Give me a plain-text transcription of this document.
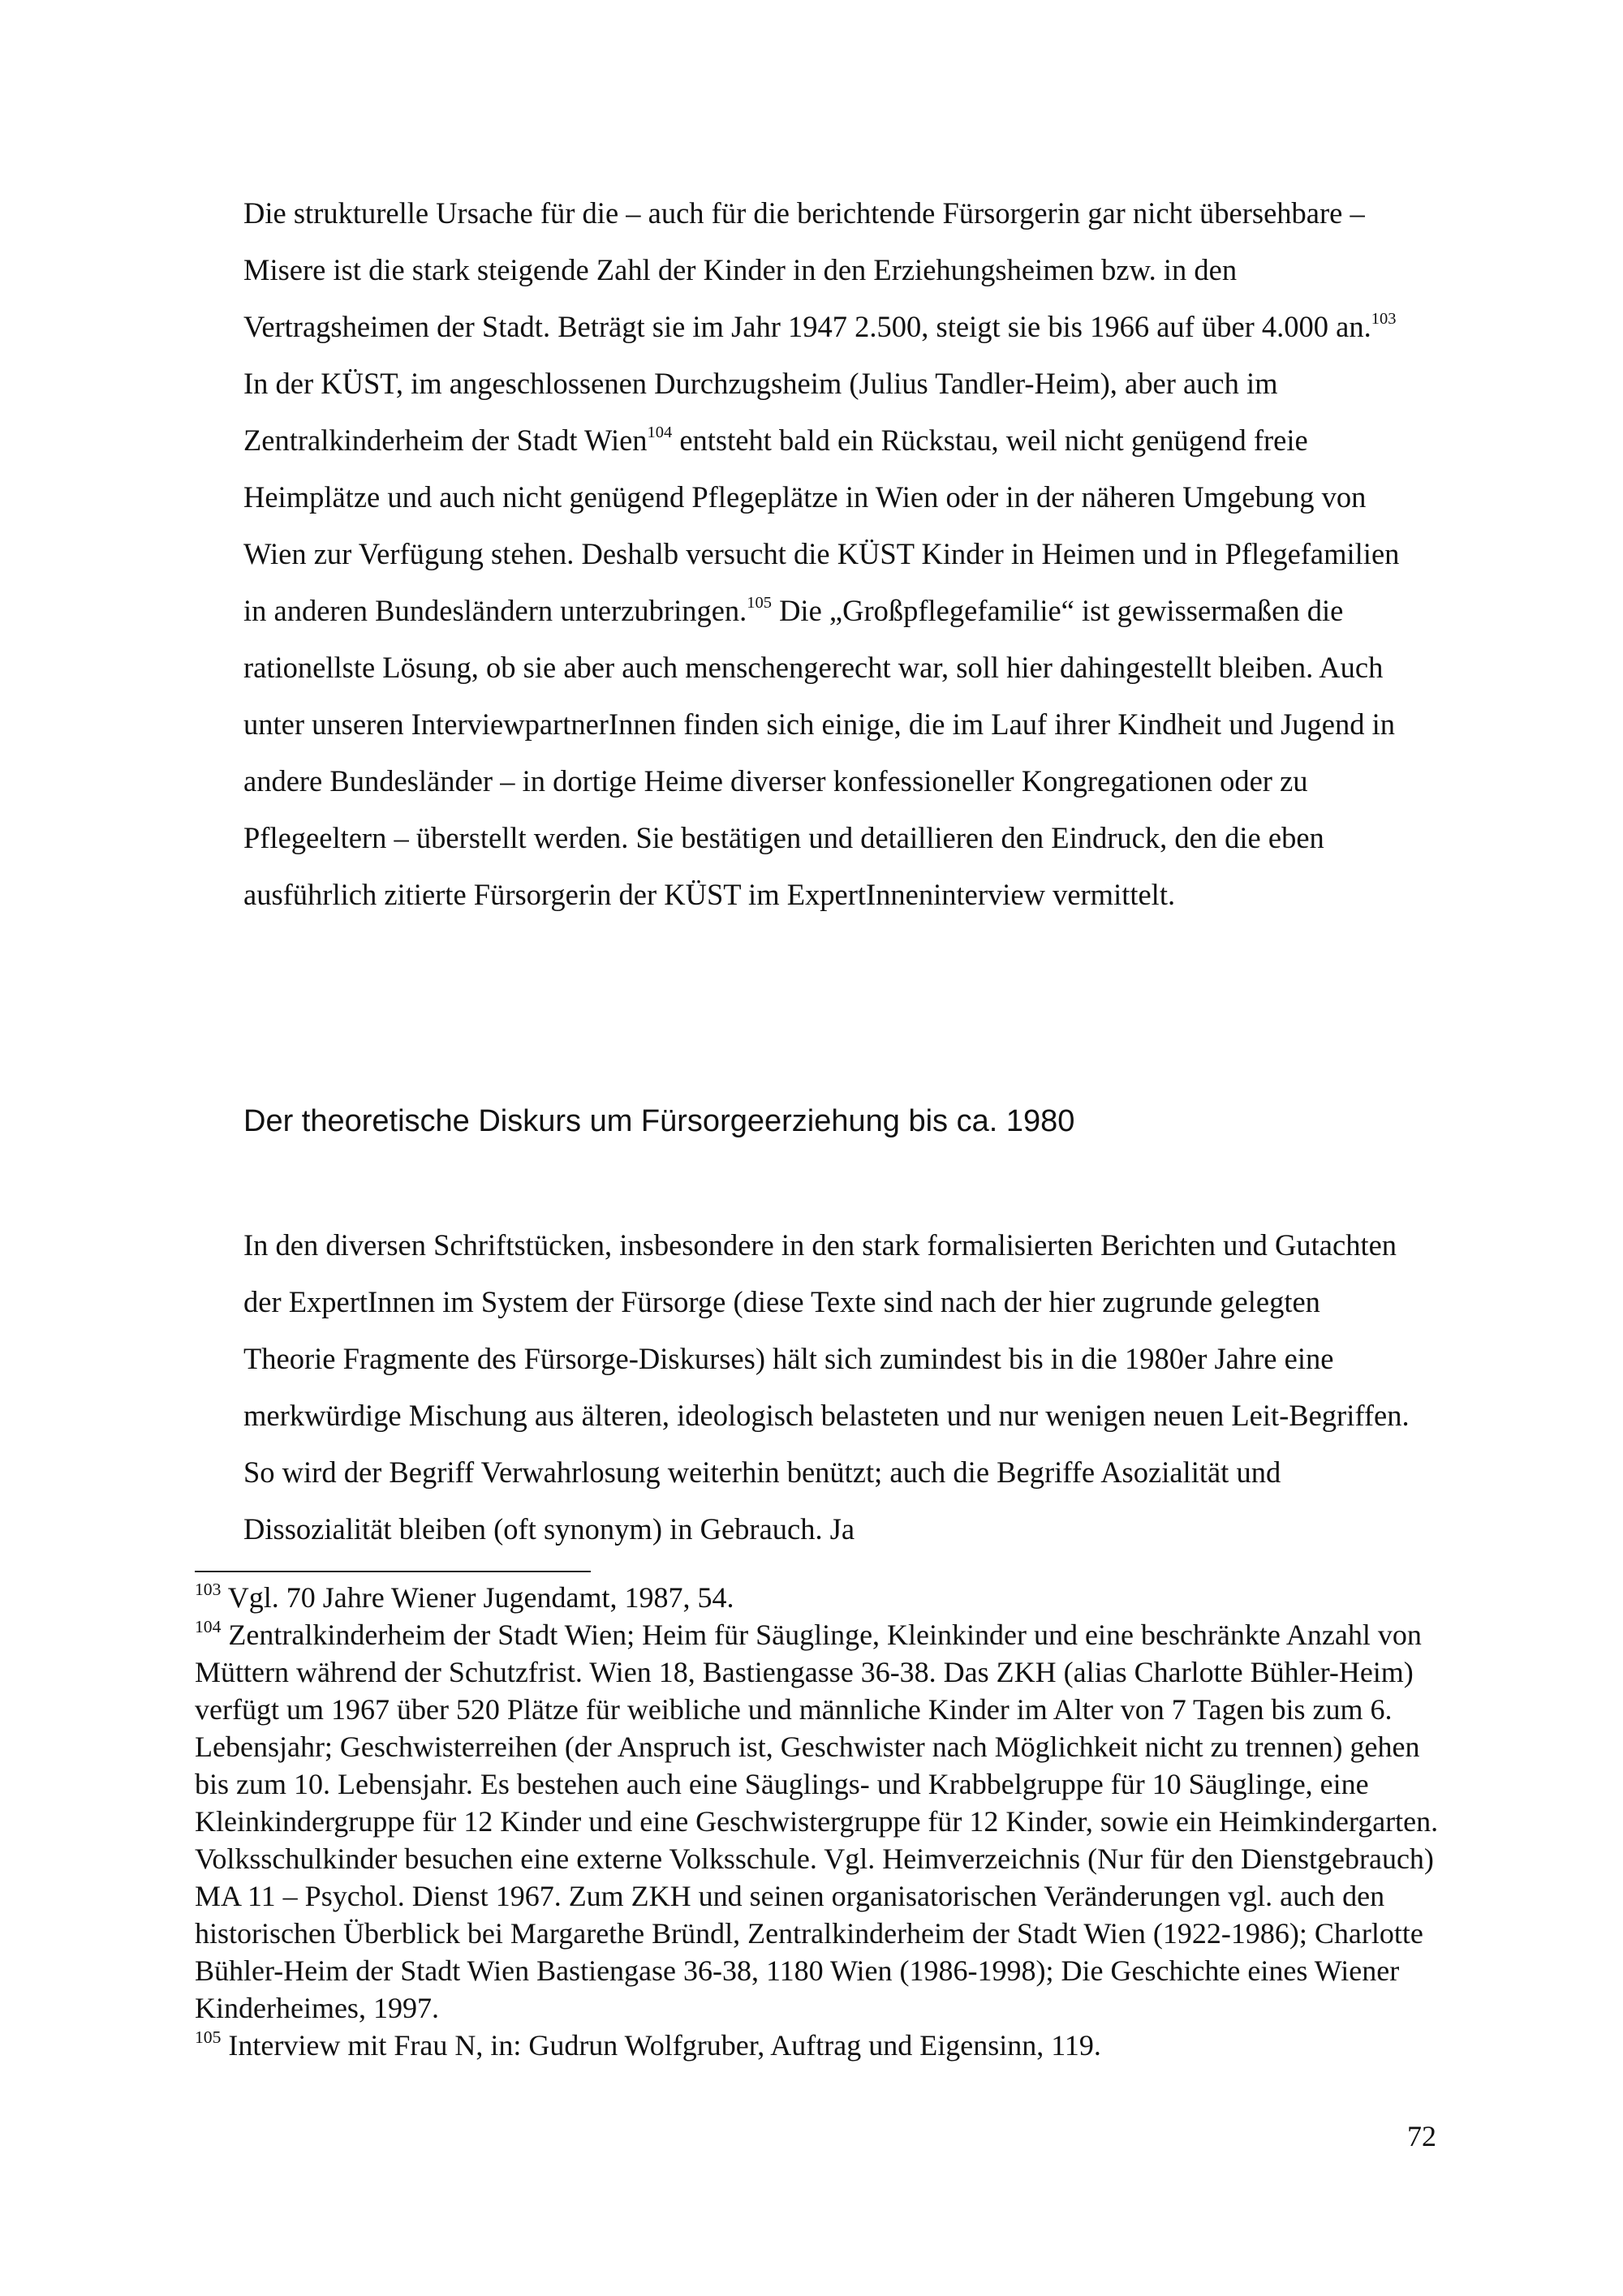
Die strukturelle Ursache für die – auch für die berichtende Fürsorgerin gar nicht übersehbare – Misere ist die stark steigende Zahl der Kinder in den Erziehungsheimen bzw. in den Vertragsheimen der Stadt. Beträgt sie im Jahr 1947 2.500, steigt sie bis 1966 auf über 4.000 an.$^{103}$ In der KÜST, im angeschlossenen Durchzugsheim (Julius Tandler-Heim), aber auch im Zentralkinderheim der Stadt Wien$^{104}$ entsteht bald ein Rückstau, weil nicht genügend freie Heimplätze und auch nicht genügend Pflegeplätze in Wien oder in der näheren Umgebung von Wien zur Verfügung stehen. Deshalb versucht die KÜST Kinder in Heimen und in Pflegefamilien in anderen Bundesländern unterzubringen.$^{105}$ Die „Großpflegefamilie“ ist gewissermaßen die rationellste Lösung, ob sie aber auch menschengerecht war, soll hier dahingestellt bleiben. Auch unter unseren InterviewpartnerInnen finden sich einige, die im Lauf ihrer Kindheit und Jugend in andere Bundesländer – in dortige Heime diverser konfessioneller Kongregationen oder zu Pflegeeltern – überstellt werden. Sie bestätigen und detaillieren den Eindruck, den die eben ausführlich zitierte Fürsorgerin der KÜST im ExpertInneninterview vermittelt.

Der theoretische Diskurs um Fürsorgeerziehung bis ca. 1980

In den diversen Schriftstücken, insbesondere in den stark formalisierten Berichten und Gutachten der ExpertInnen im System der Fürsorge (diese Texte sind nach der hier zugrunde gelegten Theorie Fragmente des Fürsorge-Diskurses) hält sich zumindest bis in die 1980er Jahre eine merkwürdige Mischung aus älteren, ideologisch belasteten und nur wenigen neuen Leit-Begriffen. So wird der Begriff Verwahrlosung weiterhin benützt; auch die Begriffe Asozialität und Dissozialität bleiben (oft synonym) in Gebrauch. Ja

$^{103}$ Vgl. 70 Jahre Wiener Jugendamt, 1987, 54.

$^{104}$ Zentralkinderheim der Stadt Wien; Heim für Säuglinge, Kleinkinder und eine beschränkte Anzahl von Müttern während der Schutzfrist. Wien 18, Bastiengasse 36-38. Das ZKH (alias Charlotte Bühler-Heim) verfügt um 1967 über 520 Plätze für weibliche und männliche Kinder im Alter von 7 Tagen bis zum 6. Lebensjahr; Geschwisterreihen (der Anspruch ist, Geschwister nach Möglichkeit nicht zu trennen) gehen bis zum 10. Lebensjahr. Es bestehen auch eine Säuglings- und Krabbelgruppe für 10 Säuglinge, eine Kleinkindergruppe für 12 Kinder und eine Geschwistergruppe für 12 Kinder, sowie ein Heimkindergarten. Volksschulkinder besuchen eine externe Volksschule. Vgl. Heimverzeichnis (Nur für den Dienstgebrauch) MA 11 – Psychol. Dienst 1967. Zum ZKH und seinen organisatorischen Veränderungen vgl. auch den historischen Überblick bei Margarethe Bründl, Zentralkinderheim der Stadt Wien (1922-1986); Charlotte Bühler-Heim der Stadt Wien Bastiengase 36-38, 1180 Wien (1986-1998); Die Geschichte eines Wiener Kinderheimes, 1997.

$^{105}$ Interview mit Frau N, in: Gudrun Wolfgruber, Auftrag und Eigensinn, 119.

72
